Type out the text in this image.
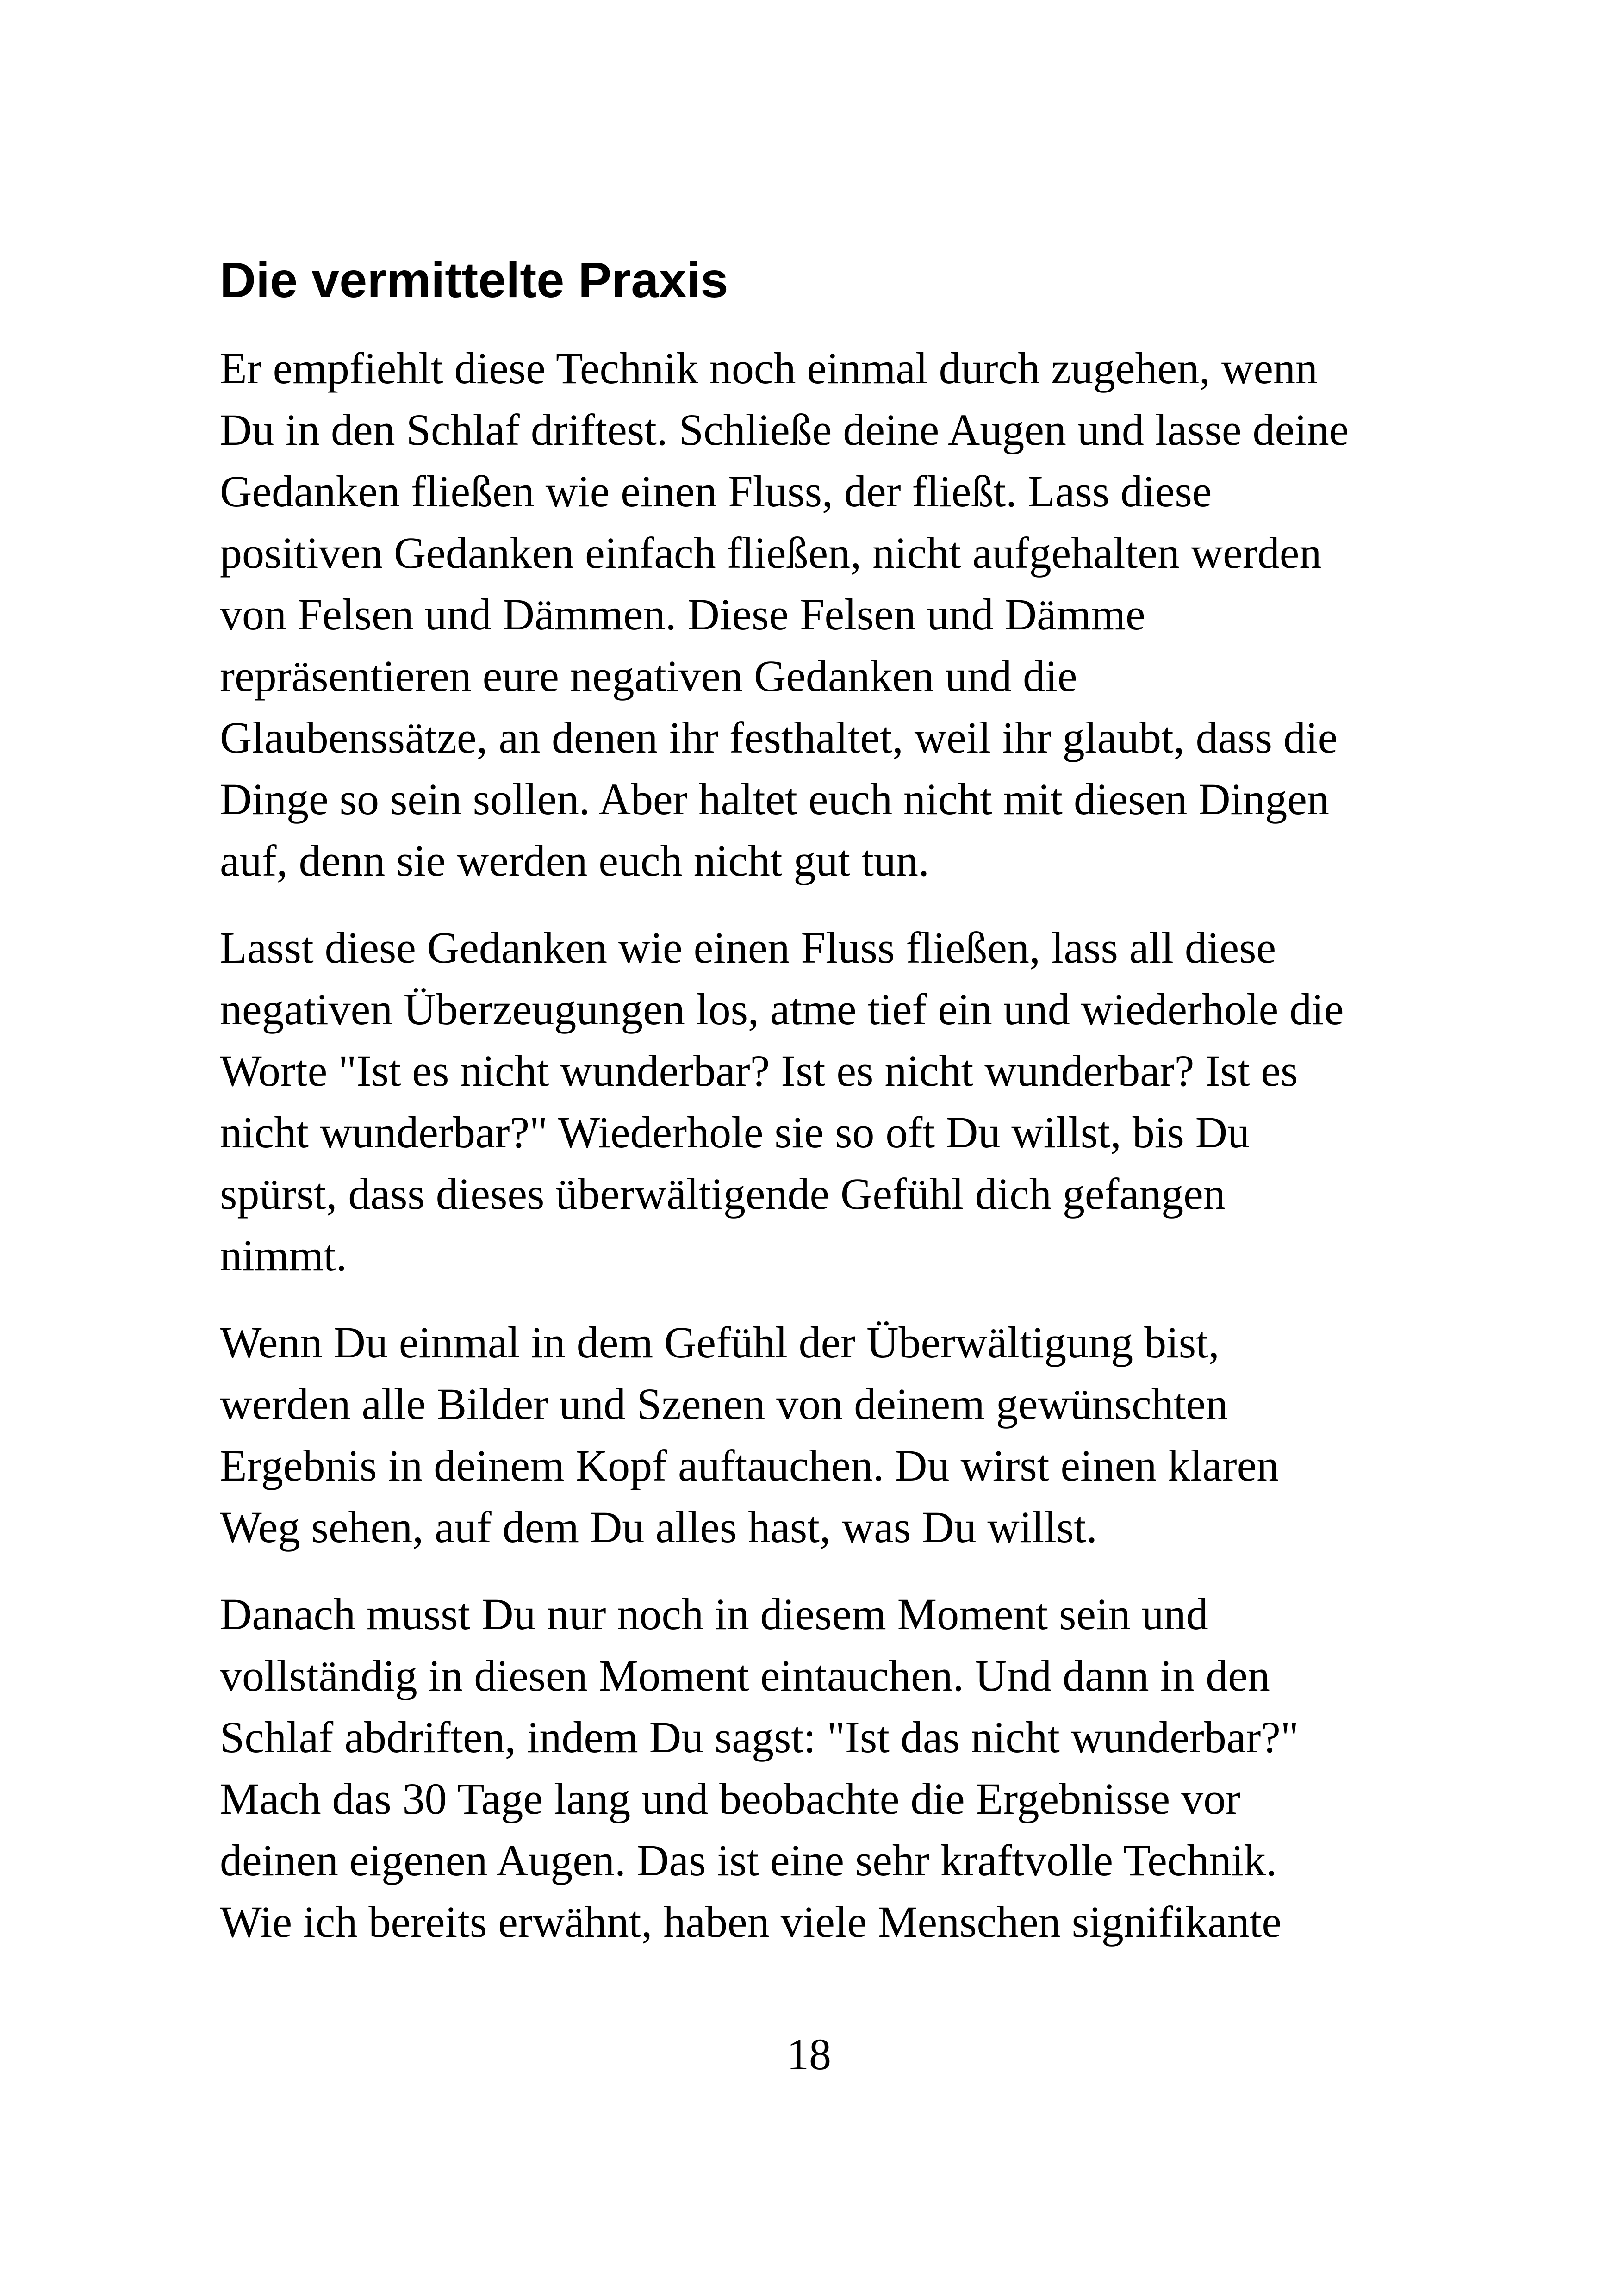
Die vermittelte Praxis

Er empfiehlt diese Technik noch einmal durch zugehen, wenn
Du in den Schlaf driftest. Schließe deine Augen und lasse deine
Gedanken fließen wie einen Fluss, der fließt. Lass diese
positiven Gedanken einfach fließen, nicht aufgehalten werden
von Felsen und Dämmen. Diese Felsen und Dämme
repräsentieren eure negativen Gedanken und die
Glaubenssätze, an denen ihr festhaltet, weil ihr glaubt, dass die
Dinge so sein sollen. Aber haltet euch nicht mit diesen Dingen
auf, denn sie werden euch nicht gut tun.

Lasst diese Gedanken wie einen Fluss fließen, lass all diese
negativen Überzeugungen los, atme tief ein und wiederhole die
Worte "Ist es nicht wunderbar? Ist es nicht wunderbar? Ist es
nicht wunderbar?" Wiederhole sie so oft Du willst, bis Du
spürst, dass dieses überwältigende Gefühl dich gefangen
nimmt.

Wenn Du einmal in dem Gefühl der Überwältigung bist,
werden alle Bilder und Szenen von deinem gewünschten
Ergebnis in deinem Kopf auftauchen. Du wirst einen klaren
Weg sehen, auf dem Du alles hast, was Du willst.

Danach musst Du nur noch in diesem Moment sein und
vollständig in diesen Moment eintauchen. Und dann in den
Schlaf abdriften, indem Du sagst: "Ist das nicht wunderbar?"
Mach das 30 Tage lang und beobachte die Ergebnisse vor
deinen eigenen Augen. Das ist eine sehr kraftvolle Technik.
Wie ich bereits erwähnt, haben viele Menschen signifikante

18
